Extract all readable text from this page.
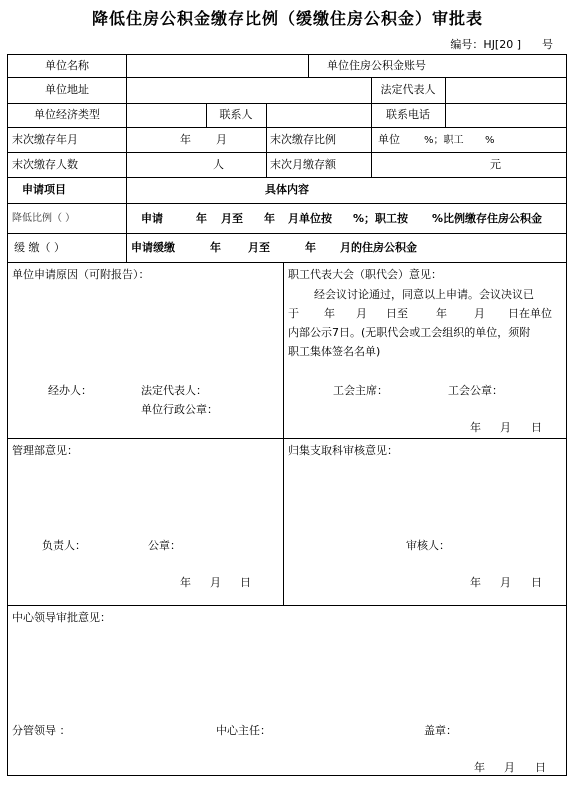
降低住房公积金缴存比例（缓缴住房公积金）审批表
编号：HJ[20 ] 号
单位名称	单位住房公积金账号
单位地址	法定代表人
单位经济类型	联系人	联系电话
末次缴存年月	年 月	末次缴存比例	单位 %；职工 %
末次缴存人数	人	末次月缴存额	元
申请项目	具体内容
降低比例（ ）	申请	年 月至 年 月单位按 %；职工按 %比例缴存住房公积金
缓 缴（ ）	申请缓缴	年 月至	年 月的住房公积金
单位申请原因（可附报告）：
经办人：	法定代表人：
单位行政公章：
职工代表大会（职代会）意见：
经会议讨论通过，同意以上申请。会议决议已
于 年 月 日至	年 月 日在单位
内部公示7日。(无职代会或工会组织的单位，须附
职工集体签名名单)
工会主席：	工会公章：
年 月 日
管理部意见：
负责人：	公章：
年 月 日
归集支取科审核意见：
审核人：
年 月 日
中心领导审批意见：
分管领导 ：	中心主任：	盖章：
年 月 日
